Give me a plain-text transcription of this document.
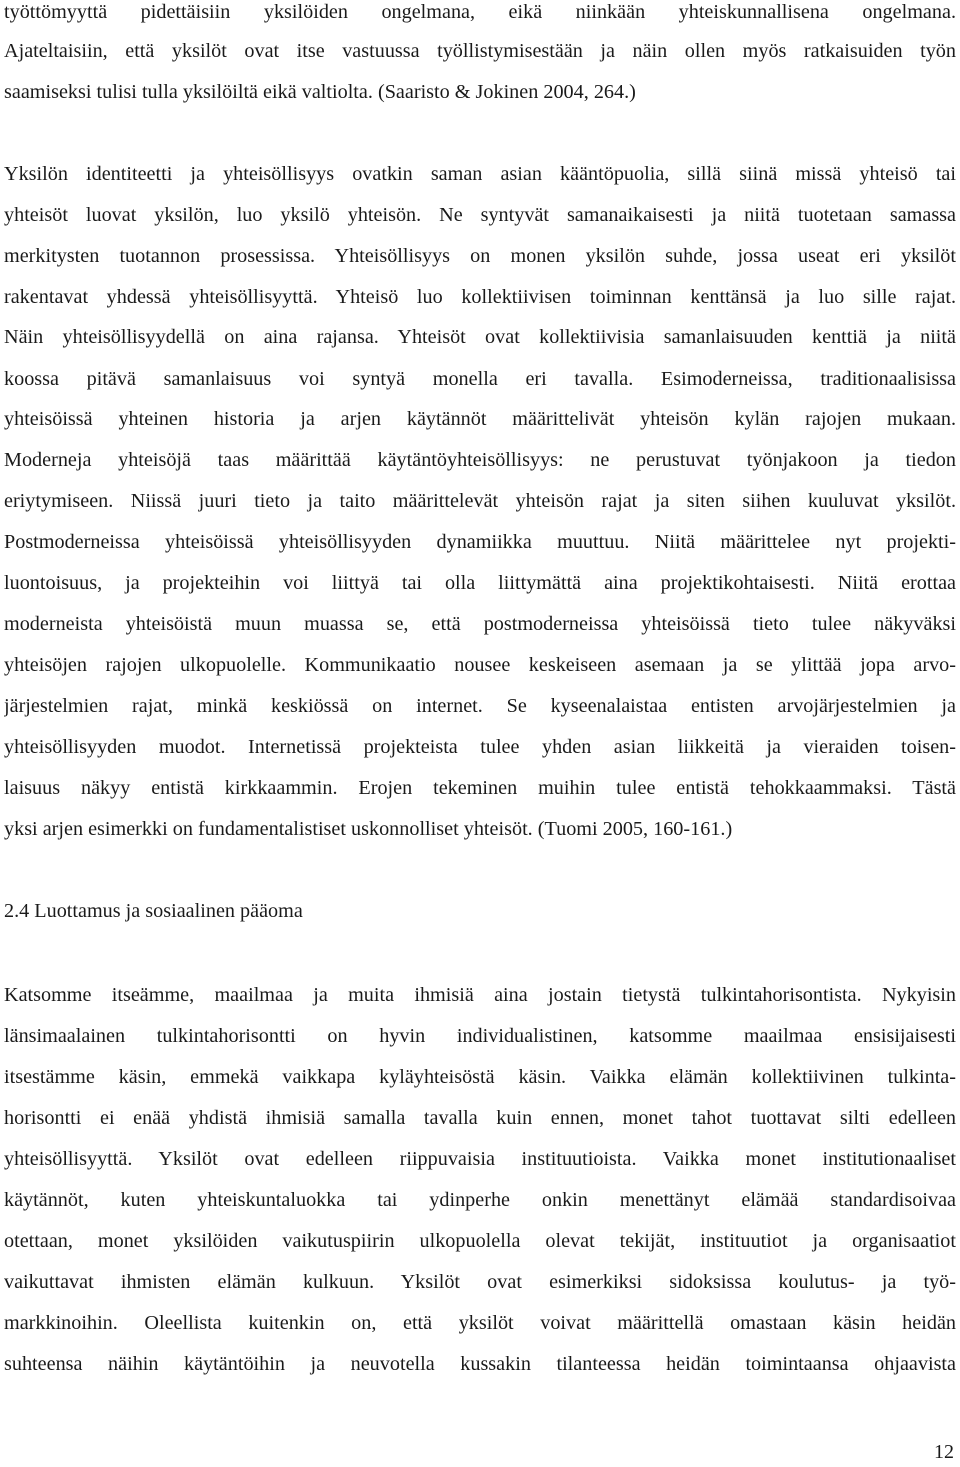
työttömyyttä pidettäisiin yksilöiden ongelmana, eikä niinkään yhteiskunnallisena ongelmana.
Ajateltaisiin, että yksilöt ovat itse vastuussa työllistymisestään ja näin ollen myös ratkaisuiden työn
saamiseksi tulisi tulla yksilöiltä eikä valtiolta. (Saaristo & Jokinen 2004, 264.)
Yksilön identiteetti ja yhteisöllisyys ovatkin saman asian kääntöpuolia, sillä siinä missä yhteisö tai
yhteisöt luovat yksilön, luo yksilö yhteisön. Ne syntyvät samanaikaisesti ja niitä tuotetaan samassa
merkitysten tuotannon prosessissa. Yhteisöllisyys on monen yksilön suhde, jossa useat eri yksilöt
rakentavat yhdessä yhteisöllisyyttä. Yhteisö luo kollektiivisen toiminnan kenttänsä ja luo sille rajat.
Näin yhteisöllisyydellä on aina rajansa. Yhteisöt ovat kollektiivisia samanlaisuuden kenttiä ja niitä
koossa pitävä samanlaisuus voi syntyä monella eri tavalla. Esimoderneissa, traditionaalisissa
yhteisöissä yhteinen historia ja arjen käytännöt määrittelivät yhteisön kylän rajojen mukaan.
Moderneja yhteisöjä taas määrittää käytäntöyhteisöllisyys: ne perustuvat työnjakoon ja tiedon
eriytymiseen. Niissä juuri tieto ja taito määrittelevät yhteisön rajat ja siten siihen kuuluvat yksilöt.
Postmoderneissa yhteisöissä yhteisöllisyyden dynamiikka muuttuu. Niitä määrittelee nyt projekti-
luontoisuus, ja projekteihin voi liittyä tai olla liittymättä aina projektikohtaisesti. Niitä erottaa
moderneista yhteisöistä muun muassa se, että postmoderneissa yhteisöissä tieto tulee näkyväksi
yhteisöjen rajojen ulkopuolelle. Kommunikaatio nousee keskeiseen asemaan ja se ylittää jopa arvo-
järjestelmien rajat, minkä keskiössä on internet. Se kyseenalaistaa entisten arvojärjestelmien ja
yhteisöllisyyden muodot. Internetissä projekteista tulee yhden asian liikkeitä ja vieraiden toisen-
laisuus näkyy entistä kirkkaammin. Erojen tekeminen muihin tulee entistä tehokkaammaksi. Tästä
yksi arjen esimerkki on fundamentalistiset uskonnolliset yhteisöt. (Tuomi 2005, 160-161.)
2.4 Luottamus ja sosiaalinen pääoma
Katsomme itseämme, maailmaa ja muita ihmisiä aina jostain tietystä tulkintahorisontista. Nykyisin
länsimaalainen tulkintahorisontti on hyvin individualistinen, katsomme maailmaa ensisijaisesti
itsestämme käsin, emmekä vaikkapa kyläyhteisöstä käsin. Vaikka elämän kollektiivinen tulkinta-
horisontti ei enää yhdistä ihmisiä samalla tavalla kuin ennen, monet tahot tuottavat silti edelleen
yhteisöllisyyttä. Yksilöt ovat edelleen riippuvaisia instituutioista. Vaikka monet institutionaaliset
käytännöt, kuten yhteiskuntaluokka tai ydinperhe onkin menettänyt elämää standardisoivaa
otettaan, monet yksilöiden vaikutuspiirin ulkopuolella olevat tekijät, instituutiot ja organisaatiot
vaikuttavat ihmisten elämän kulkuun. Yksilöt ovat esimerkiksi sidoksissa koulutus- ja työ-
markkinoihin. Oleellista kuitenkin on, että yksilöt voivat määrittellä omastaan käsin heidän
suhteensa näihin käytäntöihin ja neuvotella kussakin tilanteessa heidän toimintaansa ohjaavista
12
